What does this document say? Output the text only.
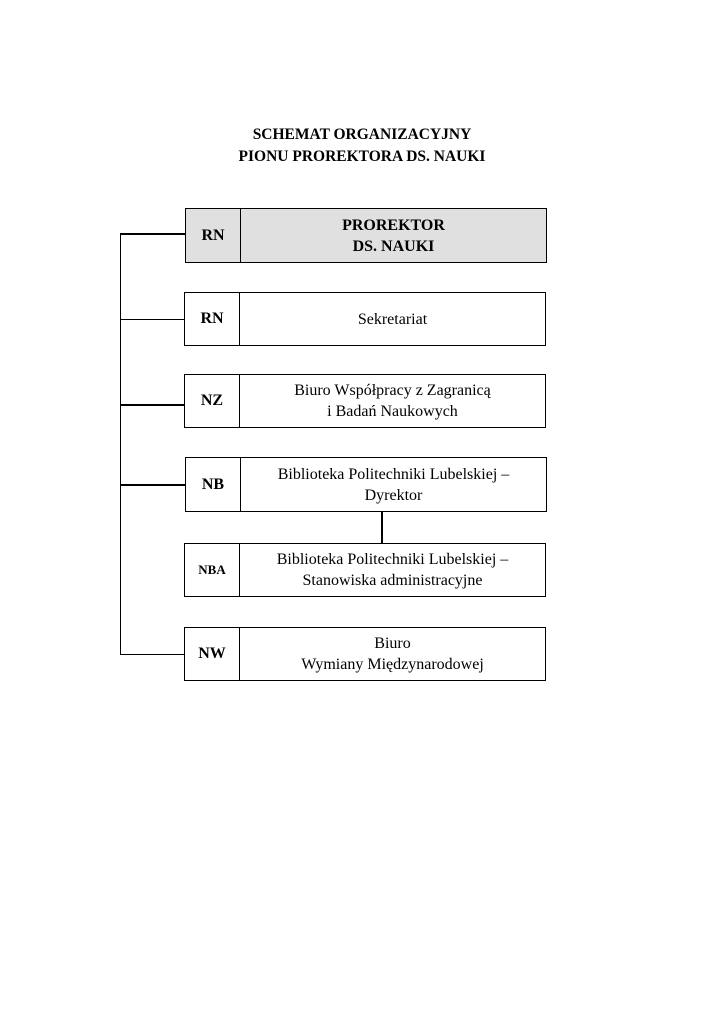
SCHEMAT ORGANIZACYJNY
PIONU PROREKTORA DS. NAUKI
RN
PROREKTOR
DS. NAUKI
RN	Sekretariat
NZ
Biuro Współpracy z Zagranicą
i Badań Naukowych
NB
Biblioteka Politechniki Lubelskiej –
Dyrektor
NBA
Biblioteka Politechniki Lubelskiej –
Stanowiska administracyjne
NW
Biuro
Wymiany Międzynarodowej
